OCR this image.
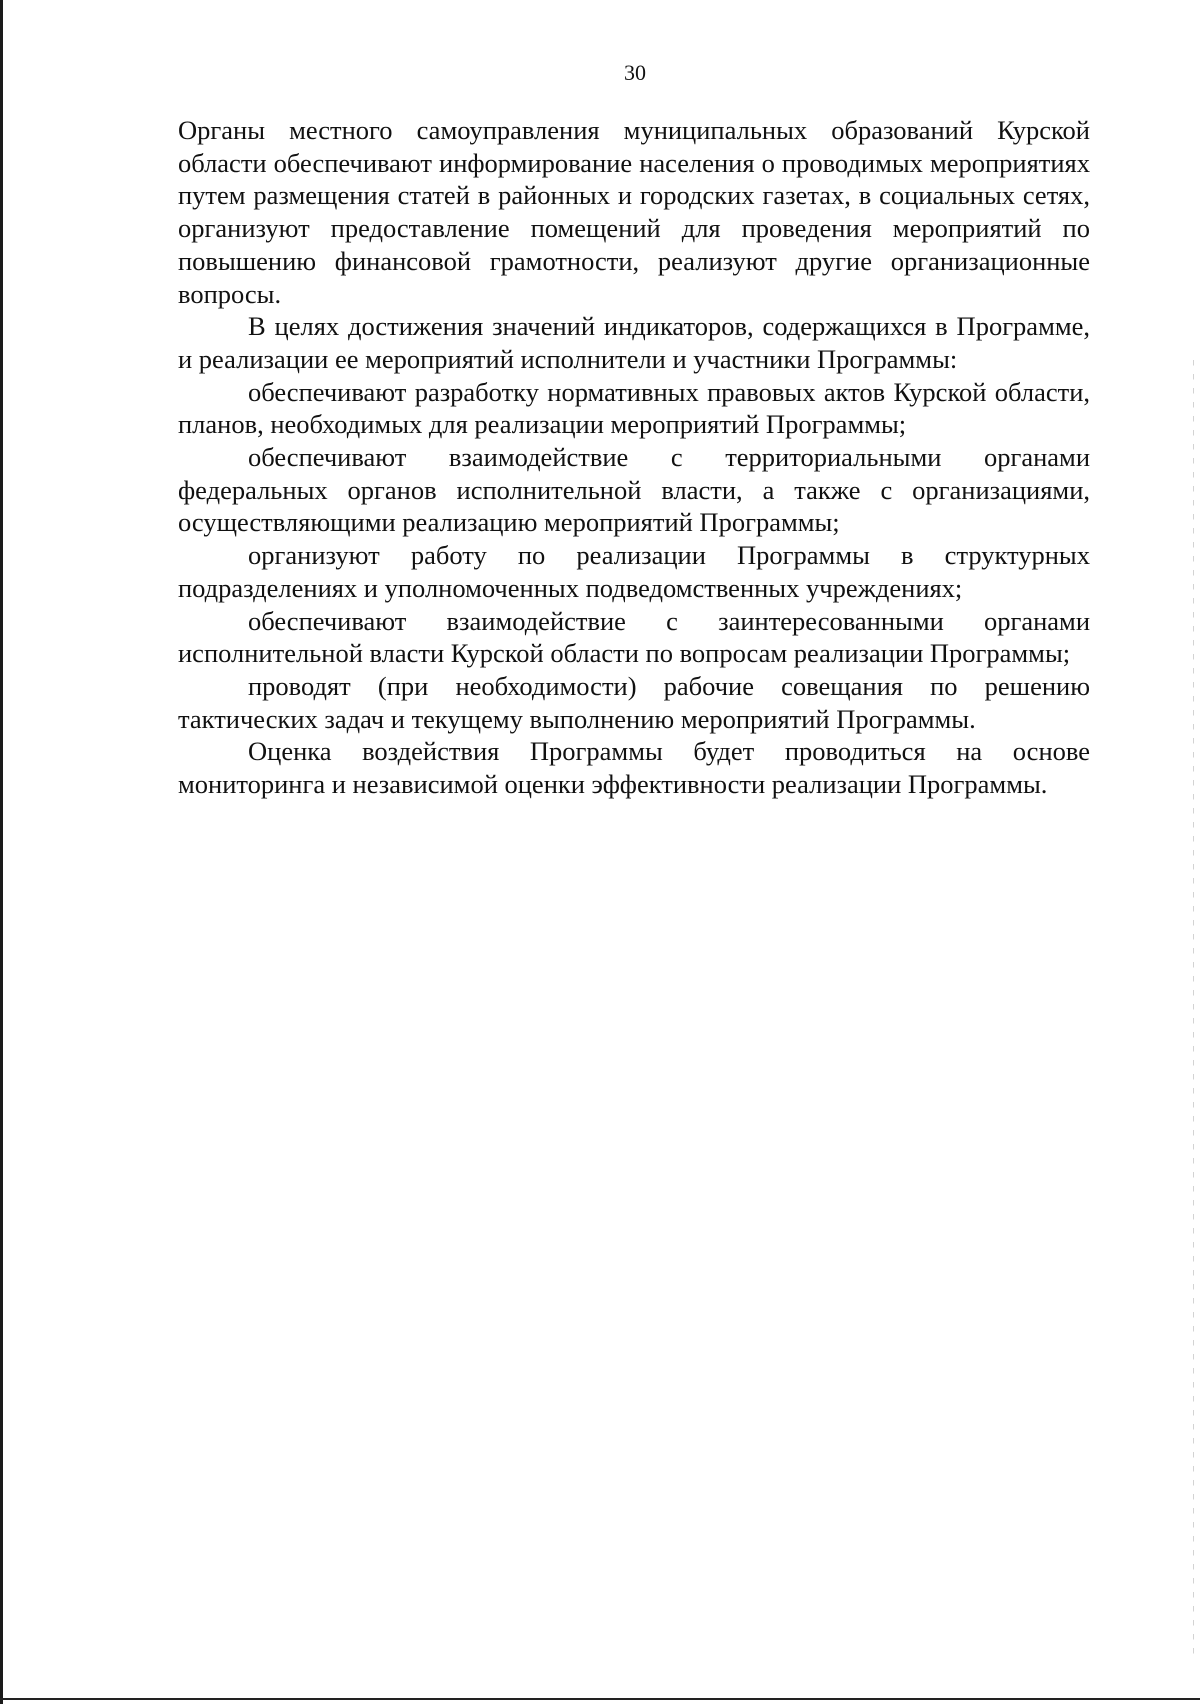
30

Органы местного самоуправления муниципальных образований Курской области обеспечивают информирование населения о проводимых мероприятиях путем размещения статей в районных и городских газетах, в социальных сетях, организуют предоставление помещений для проведения мероприятий по повышению финансовой грамотности, реализуют другие организационные вопросы.

В целях достижения значений индикаторов, содержащихся в Программе, и реализации ее мероприятий исполнители и участники Программы:

обеспечивают разработку нормативных правовых актов Курской области, планов, необходимых для реализации мероприятий Программы;

обеспечивают взаимодействие с территориальными органами федеральных органов исполнительной власти, а также с организациями, осуществляющими реализацию мероприятий Программы;

организуют работу по реализации Программы в структурных подразделениях и уполномоченных подведомственных учреждениях;

обеспечивают взаимодействие с заинтересованными органами исполнительной власти Курской области по вопросам реализации Программы;

проводят (при необходимости) рабочие совещания по решению тактических задач и текущему выполнению мероприятий Программы.

Оценка воздействия Программы будет проводиться на основе мониторинга и независимой оценки эффективности реализации Программы.
